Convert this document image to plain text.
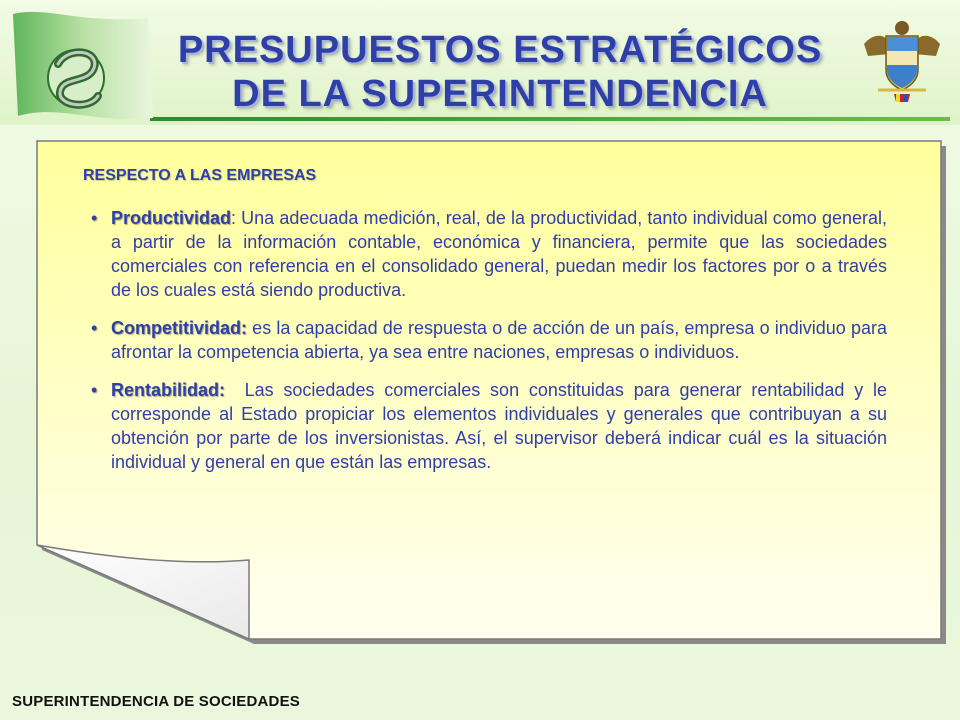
PRESUPUESTOS ESTRATÉGICOS
DE LA SUPERINTENDENCIA
RESPECTO A LAS EMPRESAS
• Productividad: Una adecuada medición, real, de la productividad, tanto individual como general, a partir de la información contable, económica y financiera, permite que las sociedades comerciales con referencia en el consolidado general, puedan medir los factores por o a través de los cuales está siendo productiva.
• Competitividad: es la capacidad de respuesta o de acción de un país, empresa o individuo para afrontar la competencia abierta, ya sea entre naciones, empresas o individuos.
• Rentabilidad:  Las sociedades comerciales son constituidas para generar rentabilidad y le corresponde al Estado propiciar los elementos individuales y generales que contribuyan a su obtención por parte de los inversionistas. Así, el supervisor deberá indicar cuál es la situación individual y general en que están las empresas.
SUPERINTENDENCIA DE SOCIEDADES
